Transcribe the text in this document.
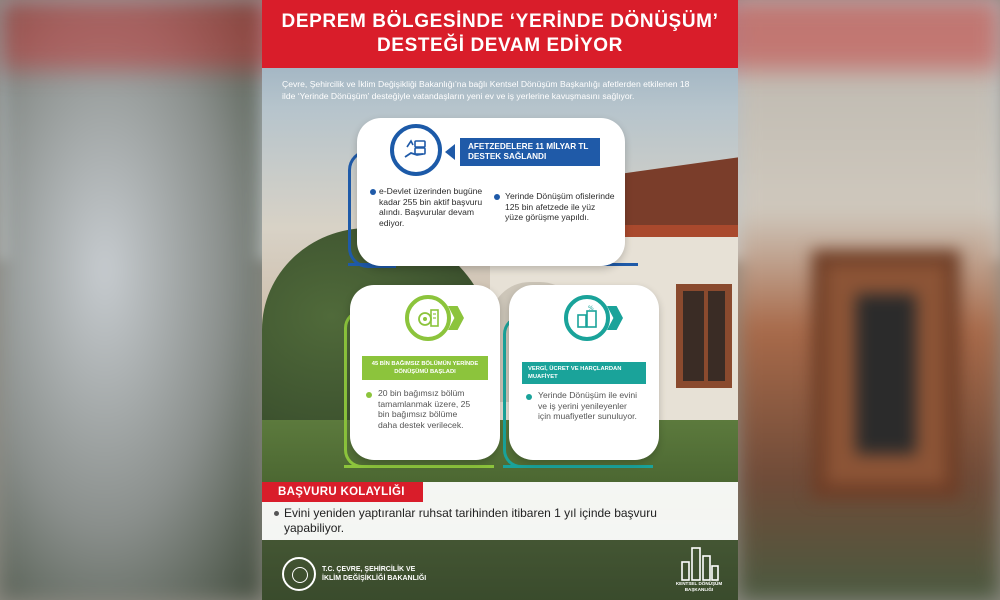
DEPREM BÖLGESİNDE ‘YERİNDE DÖNÜŞÜM’
DESTEĞİ DEVAM EDİYOR
Çevre, Şehircilik ve İklim Değişikliği Bakanlığı’na bağlı Kentsel Dönüşüm Başkanlığı afetlerden etkilenen 18 ilde ‘Yerinde Dönüşüm’ desteğiyle vatandaşların yeni ev ve iş yerlerine kavuşmasını sağlıyor.
AFETZEDELERE 11 MİLYAR TL
DESTEK SAĞLANDI
e-Devlet üzerinden bugüne kadar 255 bin aktif başvuru alındı. Başvurular devam ediyor.
Yerinde Dönüşüm ofislerinde 125 bin afetzede ile yüz yüze görüşme yapıldı.
45 BİN BAĞIMSIZ BÖLÜMÜN YERİNDE DÖNÜŞÜMÜ BAŞLADI
20 bin bağımsız bölüm tamamlanmak üzere, 25 bin bağımsız bölüme daha destek verilecek.
%
VERGİ, ÜCRET VE HARÇLARDAN MUAFİYET
Yerinde Dönüşüm ile evini ve iş yerini yenileyenler için muafiyetler sunuluyor.
BAŞVURU KOLAYLIĞI
Evini yeniden yaptıranlar ruhsat tarihinden itibaren 1 yıl içinde başvuru yapabiliyor.
T.C. ÇEVRE, ŞEHİRCİLİK VE
İKLİM DEĞİŞİKLİĞİ BAKANLIĞI
KENTSEL DÖNÜŞÜM
BAŞKANLIĞI
